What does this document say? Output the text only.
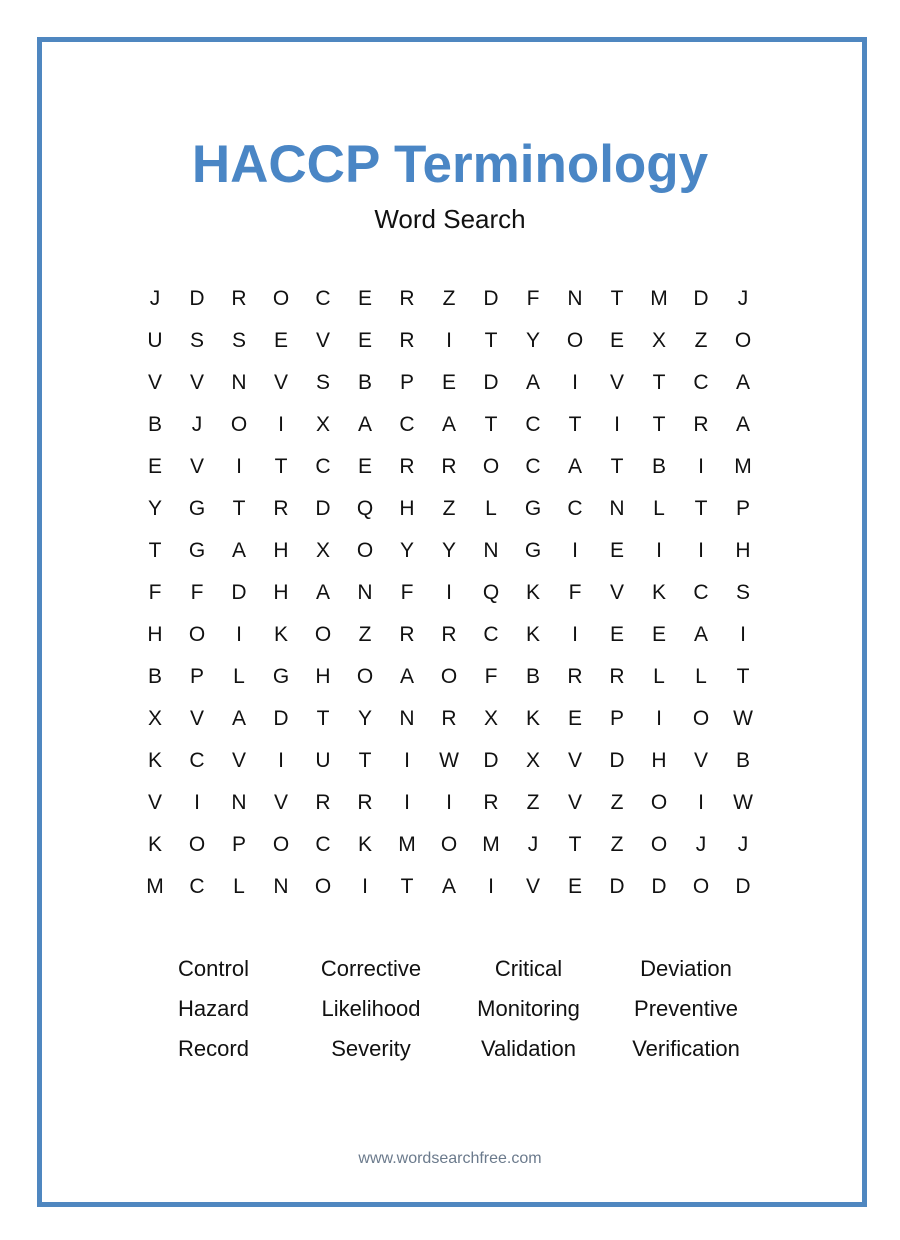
HACCP Terminology
Word Search
J	D	R	O	C	E	R	Z	D	F	N	T	M	D	J
U	S	S	E	V	E	R	I	T	Y	O	E	X	Z	O
V	V	N	V	S	B	P	E	D	A	I	V	T	C	A
B	J	O	I	X	A	C	A	T	C	T	I	T	R	A
E	V	I	T	C	E	R	R	O	C	A	T	B	I	M
Y	G	T	R	D	Q	H	Z	L	G	C	N	L	T	P
T	G	A	H	X	O	Y	Y	N	G	I	E	I	I	H
F	F	D	H	A	N	F	I	Q	K	F	V	K	C	S
H	O	I	K	O	Z	R	R	C	K	I	E	E	A	I
B	P	L	G	H	O	A	O	F	B	R	R	L	L	T
X	V	A	D	T	Y	N	R	X	K	E	P	I	O	W
K	C	V	I	U	T	I	W	D	X	V	D	H	V	B
V	I	N	V	R	R	I	I	R	Z	V	Z	O	I	W
K	O	P	O	C	K	M	O	M	J	T	Z	O	J	J
M	C	L	N	O	I	T	A	I	V	E	D	D	O	D
Control	Corrective	Critical	Deviation
Hazard	Likelihood	Monitoring	Preventive
Record	Severity	Validation	Verification
www.wordsearchfree.com
